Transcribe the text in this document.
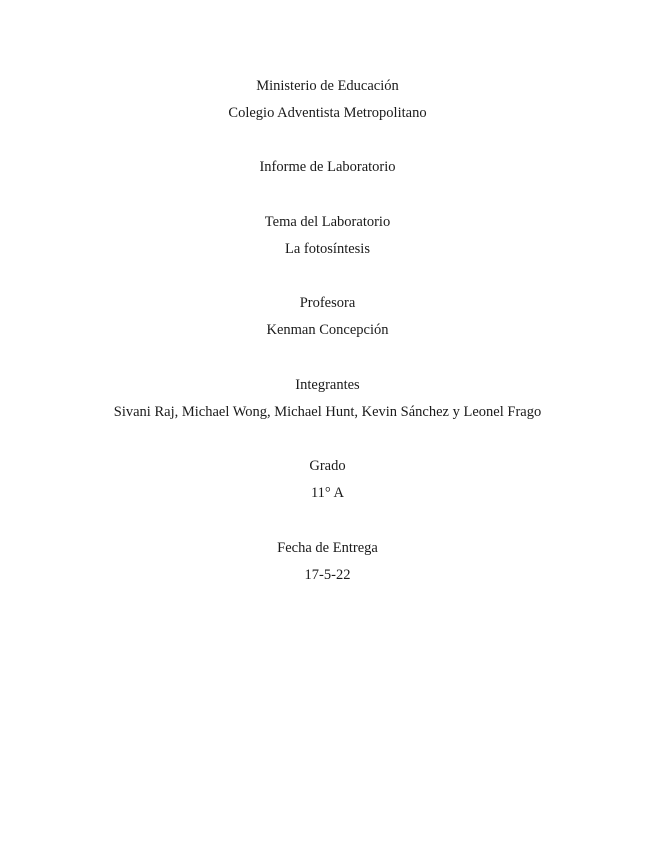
Ministerio de Educación
Colegio Adventista Metropolitano
Informe de Laboratorio
Tema del Laboratorio
La fotosíntesis
Profesora
Kenman Concepción
Integrantes
Sivani Raj, Michael Wong, Michael Hunt, Kevin Sánchez y Leonel Frago
Grado
11° A
Fecha de Entrega
17-5-22
